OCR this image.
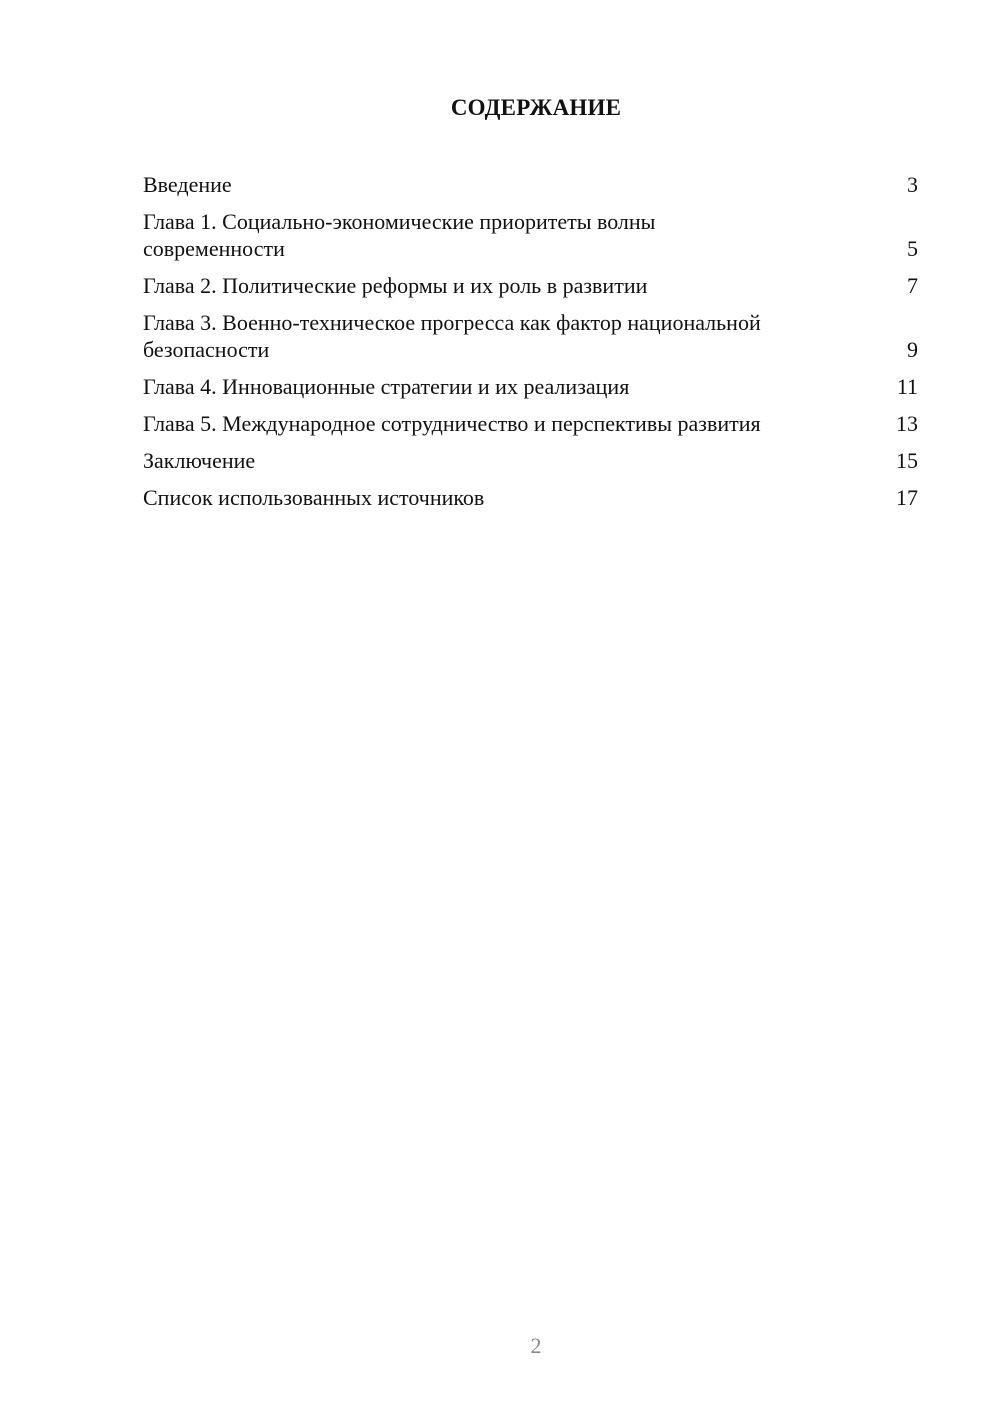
СОДЕРЖАНИЕ
Введение	3
Глава 1. Социально-экономические приоритеты волны современности	5
Глава 2. Политические реформы и их роль в развитии	7
Глава 3. Военно-техническое прогресса как фактор национальной безопасности	9
Глава 4. Инновационные стратегии и их реализация	11
Глава 5. Международное сотрудничество и перспективы развития	13
Заключение	15
Список использованных источников	17
2
